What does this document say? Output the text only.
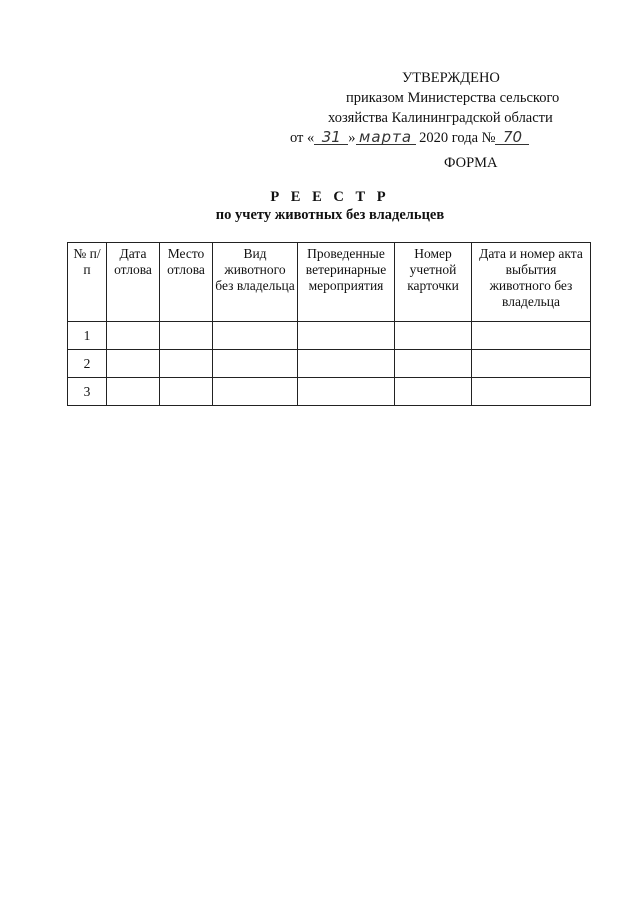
УТВЕРЖДЕНО
приказом Министерства сельского
хозяйства Калининградской области
от « 31 » марта 2020 года № 70
ФОРМА
Р Е Е С Т Р
по учету животных без владельцев
№ п/п	Дата отлова	Место отлова	Вид животного без владельца	Проведенные ветеринарные мероприятия	Номер учетной карточки	Дата и номер акта выбытия животного без владельца
1						
2						
3						
